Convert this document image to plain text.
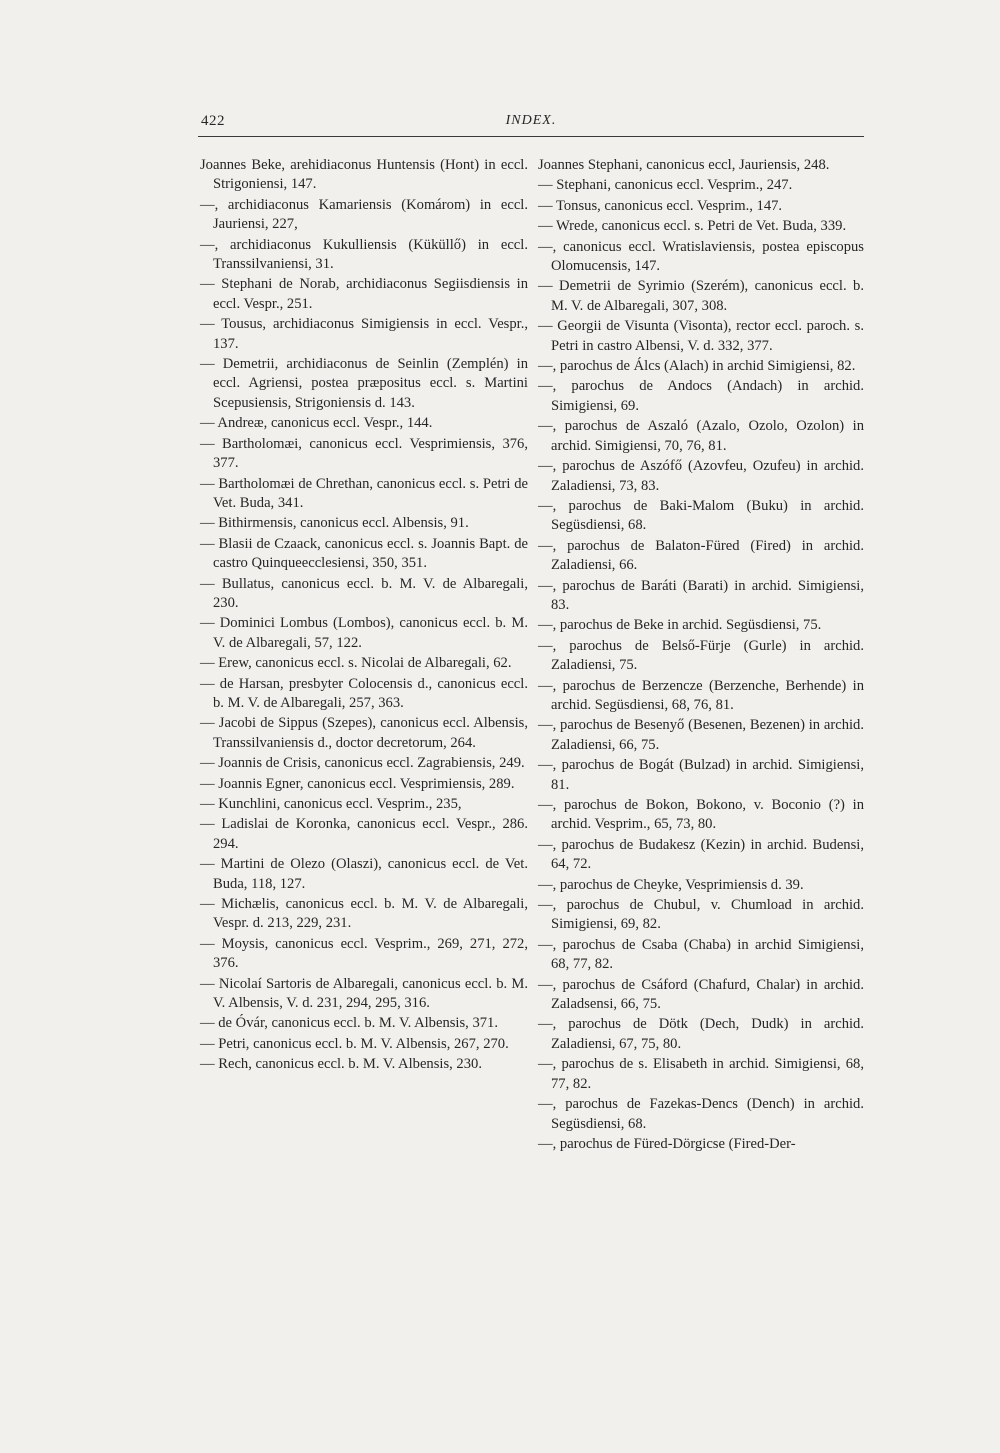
422	INDEX.

Joannes Beke, arehidiaconus Huntensis (Hont) in eccl. Strigoniensi, 147.

—, archidiaconus Kamariensis (Komárom) in eccl. Jauriensi, 227,

—, archidiaconus Kukulliensis (Küküllő) in eccl. Transsilvaniensi, 31.

— Stephani de Norab, archidiaconus Segiisdiensis in eccl. Vespr., 251.

— Tousus, archidiaconus Simigiensis in eccl. Vespr., 137.

— Demetrii, archidiaconus de Seinlin (Zemplén) in eccl. Agriensi, postea præpositus eccl. s. Martini Scepusiensis, Strigoniensis d. 143.

— Andreæ, canonicus eccl. Vespr., 144.

— Bartholomæi, canonicus eccl. Vesprimiensis, 376, 377.

— Bartholomæi de Chrethan, canonicus eccl. s. Petri de Vet. Buda, 341.

— Bithirmensis, canonicus eccl. Albensis, 91.

— Blasii de Czaack, canonicus eccl. s. Joannis Bapt. de castro Quinqueecclesiensi, 350, 351.

— Bullatus, canonicus eccl. b. M. V. de Albaregali, 230.

— Dominici Lombus (Lombos), canonicus eccl. b. M. V. de Albaregali, 57, 122.

— Erew, canonicus eccl. s. Nicolai de Albaregali, 62.

— de Harsan, presbyter Colocensis d., canonicus eccl. b. M. V. de Albaregali, 257, 363.

— Jacobi de Sippus (Szepes), canonicus eccl. Albensis, Transsilvaniensis d., doctor decretorum, 264.

— Joannis de Crisis, canonicus eccl. Zagrabiensis, 249.

— Joannis Egner, canonicus eccl. Vesprimiensis, 289.

— Kunchlini, canonicus eccl. Vesprim., 235,

— Ladislai de Koronka, canonicus eccl. Vespr., 286. 294.

— Martini de Olezo (Olaszi), canonicus eccl. de Vet. Buda, 118, 127.

— Michælis, canonicus eccl. b. M. V. de Albaregali, Vespr. d. 213, 229, 231.

— Moysis, canonicus eccl. Vesprim., 269, 271, 272, 376.

— Nicolaí Sartoris de Albaregali, canonicus eccl. b. M. V. Albensis, V. d. 231, 294, 295, 316.

— de Óvár, canonicus eccl. b. M. V. Albensis, 371.

— Petri, canonicus eccl. b. M. V. Albensis, 267, 270.

— Rech, canonicus eccl. b. M. V. Albensis, 230.

Joannes Stephani, canonicus eccl, Jauriensis, 248.

— Stephani, canonicus eccl. Vesprim., 247.

— Tonsus, canonicus eccl. Vesprim., 147.

— Wrede, canonicus eccl. s. Petri de Vet. Buda, 339.

—, canonicus eccl. Wratislaviensis, postea episcopus Olomucensis, 147.

— Demetrii de Syrimio (Szerém), canonicus eccl. b. M. V. de Albaregali, 307, 308.

— Georgii de Visunta (Visonta), rector eccl. paroch. s. Petri in castro Albensi, V. d. 332, 377.

—, parochus de Álcs (Alach) in archid Simigiensi, 82.

—, parochus de Andocs (Andach) in archid. Simigiensi, 69.

—, parochus de Aszaló (Azalo, Ozolo, Ozolon) in archid. Simigiensi, 70, 76, 81.

—, parochus de Aszófő (Azovfeu, Ozufeu) in archid. Zaladiensi, 73, 83.

—, parochus de Baki-Malom (Buku) in archid. Següsdiensi, 68.

—, parochus de Balaton-Füred (Fired) in archid. Zaladiensi, 66.

—, parochus de Baráti (Barati) in archid. Simigiensi, 83.

—, parochus de Beke in archid. Següsdiensi, 75.

—, parochus de Belső-Fürje (Gurle) in archid. Zaladiensi, 75.

—, parochus de Berzencze (Berzenche, Berhende) in archid. Següsdiensi, 68, 76, 81.

—, parochus de Besenyő (Besenen, Bezenen) in archid. Zaladiensi, 66, 75.

—, parochus de Bogát (Bulzad) in archid. Simigiensi, 81.

—, parochus de Bokon, Bokono, v. Boconio (?) in archid. Vesprim., 65, 73, 80.

—, parochus de Budakesz (Kezin) in archid. Budensi, 64, 72.

—, parochus de Cheyke, Vesprimiensis d. 39.

—, parochus de Chubul, v. Chumload in archid. Simigiensi, 69, 82.

—, parochus de Csaba (Chaba) in archid Simigiensi, 68, 77, 82.

—, parochus de Csáford (Chafurd, Chalar) in archid. Zaladsensi, 66, 75.

—, parochus de Dötk (Dech, Dudk) in archid. Zaladiensi, 67, 75, 80.

—, parochus de s. Elisabeth in archid. Simigiensi, 68, 77, 82.

—, parochus de Fazekas-Dencs (Dench) in archid. Següsdiensi, 68.

—, parochus de Füred-Dörgicse (Fired-Der-
